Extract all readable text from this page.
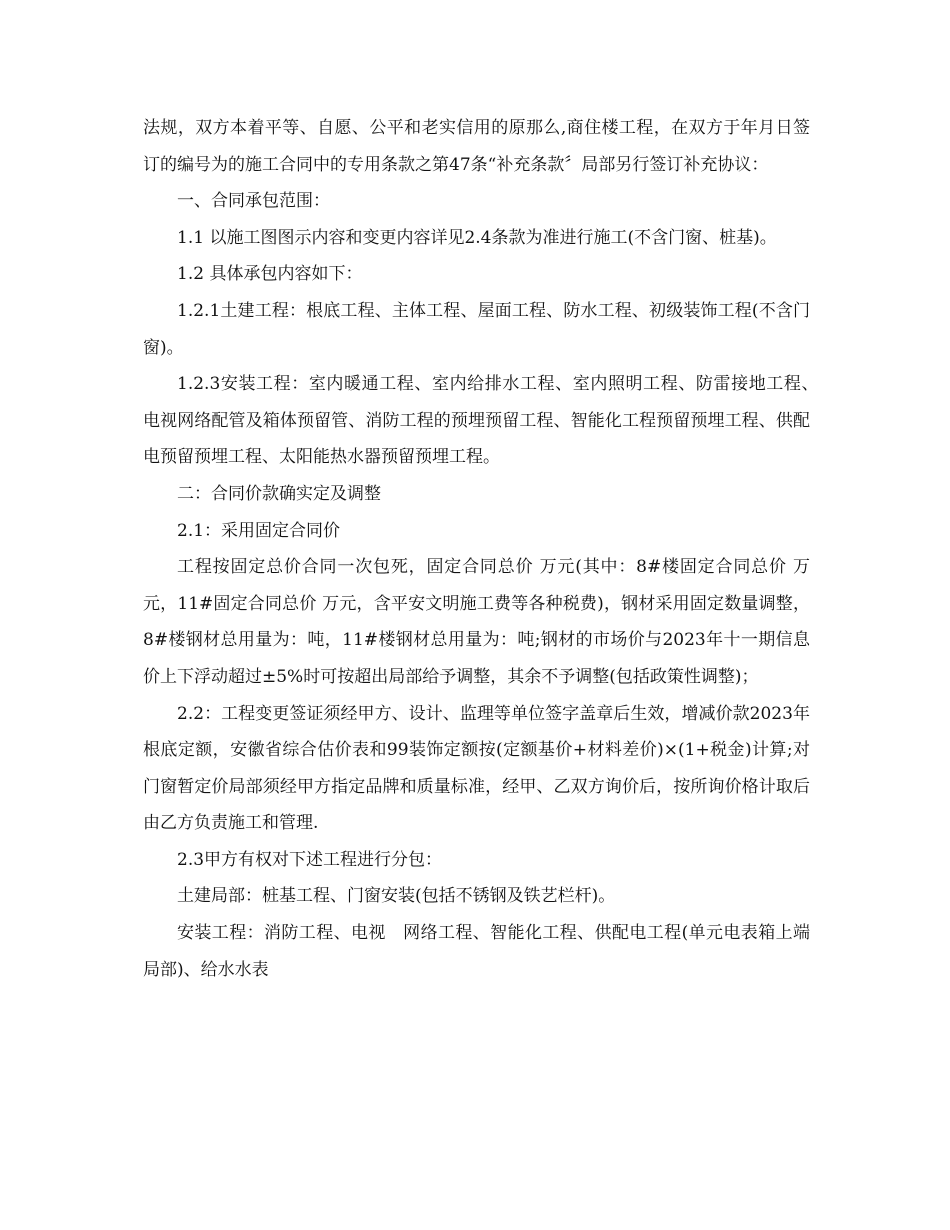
法规，双方本着平等、自愿、公平和老实信用的原那么,商住楼工程，在双方于年月日签订的编号为的施工合同中的专用条款之第47条“补充条款〞局部另行签订补充协议：

一、合同承包范围：

1.1 以施工图图示内容和变更内容详见2.4条款为准进行施工(不含门窗、桩基)。

1.2 具体承包内容如下：

1.2.1土建工程：根底工程、主体工程、屋面工程、防水工程、初级装饰工程(不含门窗)。

1.2.3安装工程：室内暖通工程、室内给排水工程、室内照明工程、防雷接地工程、　电视网络配管及箱体预留管、消防工程的预埋预留工程、智能化工程预留预埋工程、供配电预留预埋工程、太阳能热水器预留预埋工程。

二：合同价款确实定及调整

2.1：采用固定合同价

工程按固定总价合同一次包死，固定合同总价 万元(其中：8#楼固定合同总价 万元，11#固定合同总价 万元，含平安文明施工费等各种税费)，钢材采用固定数量调整，8#楼钢材总用量为：吨，11#楼钢材总用量为：吨;钢材的市场价与2023年十一期信息价上下浮动超过±5%时可按超出局部给予调整，其余不予调整(包括政策性调整)；

2.2：工程变更签证须经甲方、设计、监理等单位签字盖章后生效，增减价款2023年根底定额，安徽省综合估价表和99装饰定额按(定额基价+材料差价)×(1+税金)计算;对门窗暂定价局部须经甲方指定品牌和质量标准，经甲、乙双方询价后，按所询价格计取后由乙方负责施工和管理.

2.3甲方有权对下述工程进行分包：

土建局部：桩基工程、门窗安装(包括不锈钢及铁艺栏杆)。

安装工程：消防工程、电视　网络工程、智能化工程、供配电工程(单元电表箱上端局部)、给水水表
